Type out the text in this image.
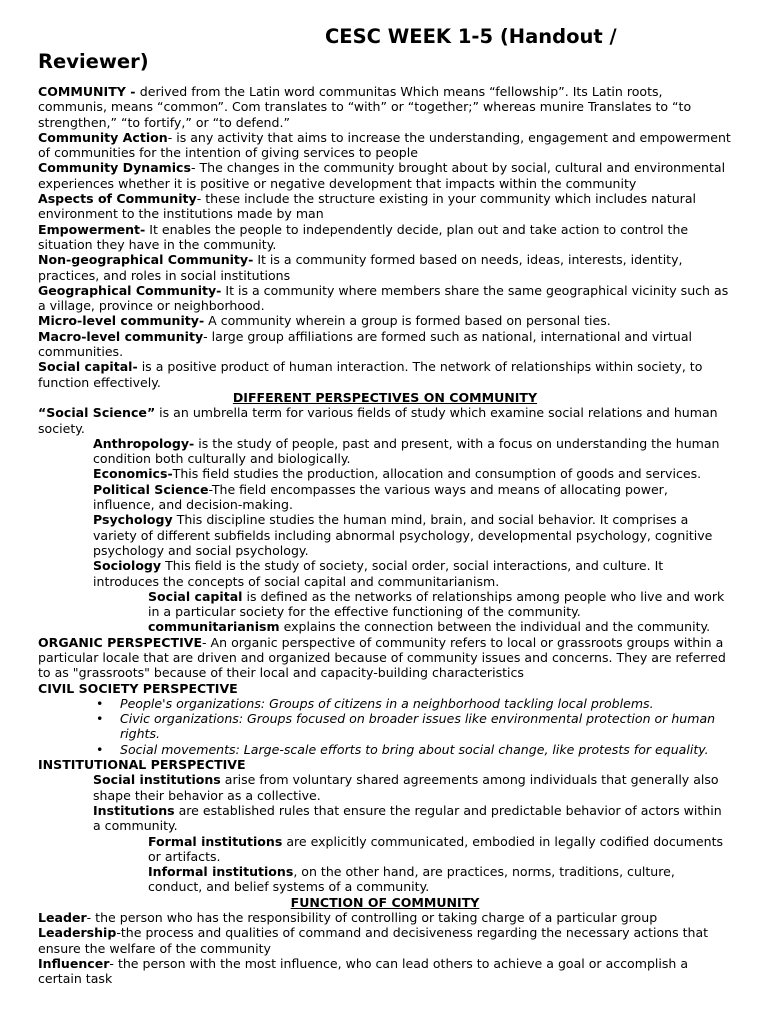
CESC WEEK 1-5 (Handout /
Reviewer)

COMMUNITY - derived from the Latin word communitas Which means “fellowship”. Its Latin roots, communis, means “common”. Com translates to “with” or “together;” whereas munire Translates to “to strengthen,” “to fortify,” or “to defend.”

Community Action- is any activity that aims to increase the understanding, engagement and empowerment of communities for the intention of giving services to people

Community Dynamics- The changes in the community brought about by social, cultural and environmental experiences whether it is positive or negative development that impacts within the community

Aspects of Community- these include the structure existing in your community which includes natural environment to the institutions made by man

Empowerment- It enables the people to independently decide, plan out and take action to control the situation they have in the community.

Non-geographical Community- It is a community formed based on needs, ideas, interests, identity, practices, and roles in social institutions

Geographical Community- It is a community where members share the same geographical vicinity such as a village, province or neighborhood.

Micro-level community- A community wherein a group is formed based on personal ties.

Macro-level community- large group affiliations are formed such as national, international and virtual communities.

Social capital- is a positive product of human interaction. The network of relationships within society, to function effectively.

DIFFERENT PERSPECTIVES ON COMMUNITY

“Social Science” is an umbrella term for various fields of study which examine social relations and human society.

Anthropology- is the study of people, past and present, with a focus on understanding the human condition both culturally and biologically.

Economics-This field studies the production, allocation and consumption of goods and services.

Political Science-The field encompasses the various ways and means of allocating power, influence, and decision-making.

Psychology This discipline studies the human mind, brain, and social behavior. It comprises a variety of different subfields including abnormal psychology, developmental psychology, cognitive psychology and social psychology.

Sociology This field is the study of society, social order, social interactions, and culture. It introduces the concepts of social capital and communitarianism.

Social capital is defined as the networks of relationships among people who live and work in a particular society for the effective functioning of the community.

communitarianism explains the connection between the individual and the community.

ORGANIC PERSPECTIVE- An organic perspective of community refers to local or grassroots groups within a particular locale that are driven and organized because of community issues and concerns. They are referred to as "grassroots" because of their local and capacity-building characteristics

CIVIL SOCIETY PERSPECTIVE

• People's organizations: Groups of citizens in a neighborhood tackling local problems.

• Civic organizations: Groups focused on broader issues like environmental protection or human rights.

• Social movements: Large-scale efforts to bring about social change, like protests for equality.

INSTITUTIONAL PERSPECTIVE

Social institutions arise from voluntary shared agreements among individuals that generally also shape their behavior as a collective.

Institutions are established rules that ensure the regular and predictable behavior of actors within a community.

Formal institutions are explicitly communicated, embodied in legally codified documents or artifacts.

Informal institutions, on the other hand, are practices, norms, traditions, culture, conduct, and belief systems of a community.

FUNCTION OF COMMUNITY

Leader- the person who has the responsibility of controlling or taking charge of a particular group

Leadership-the process and qualities of command and decisiveness regarding the necessary actions that ensure the welfare of the community

Influencer- the person with the most influence, who can lead others to achieve a goal or accomplish a certain task
